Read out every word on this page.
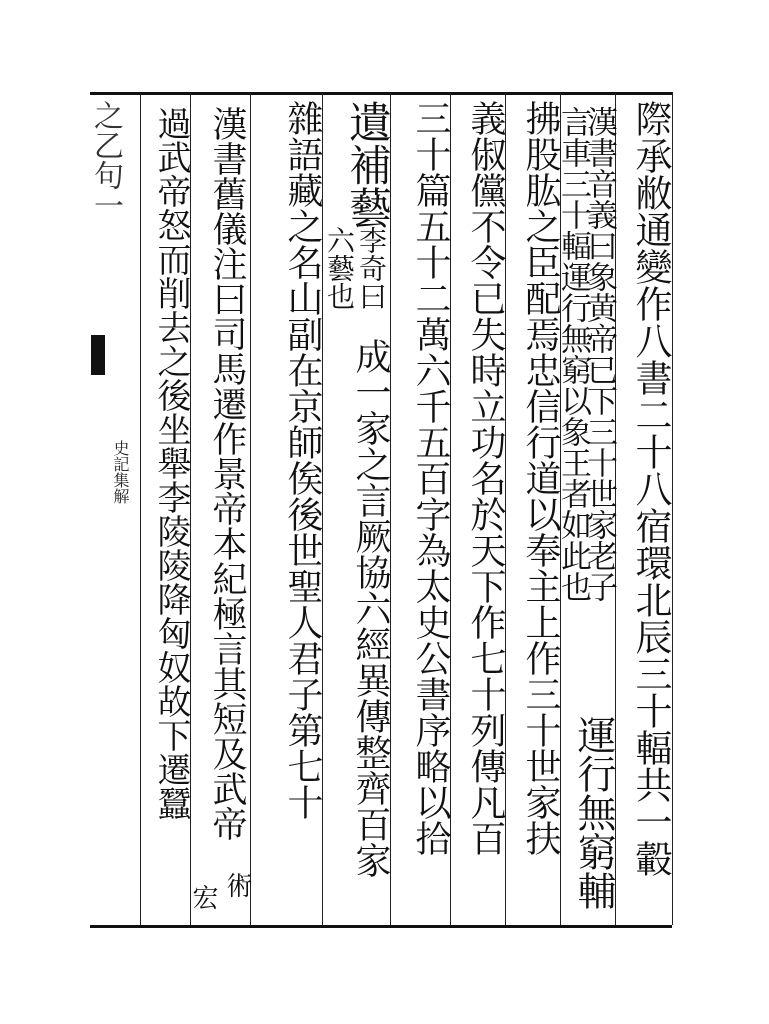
際承敝通變作八書二十八宿環北辰三十輻共一轂
漢書音義曰象黄帝已下三十世家老子
言車三十輻運行無窮以象王者如此也
運行無窮輔
拂股肱之臣配焉忠信行道以奉主上作三十世家扶
義俶儻不令已失時立功名於天下作七十列傳凡百
三十篇五十二萬六千五百字為太史公書序略以拾
遺補藝
李奇曰
六藝也
成一家之言厥協六經異傳整齊百家
雜語藏之名山副在京師俟後世聖人君子第七十
術
宏
漢書舊儀注曰司馬遷作景帝本紀極言其短及武帝
過武帝怒而削去之後坐舉李陵陵降匈奴故下遷蠶
之乙句一
史記集解
